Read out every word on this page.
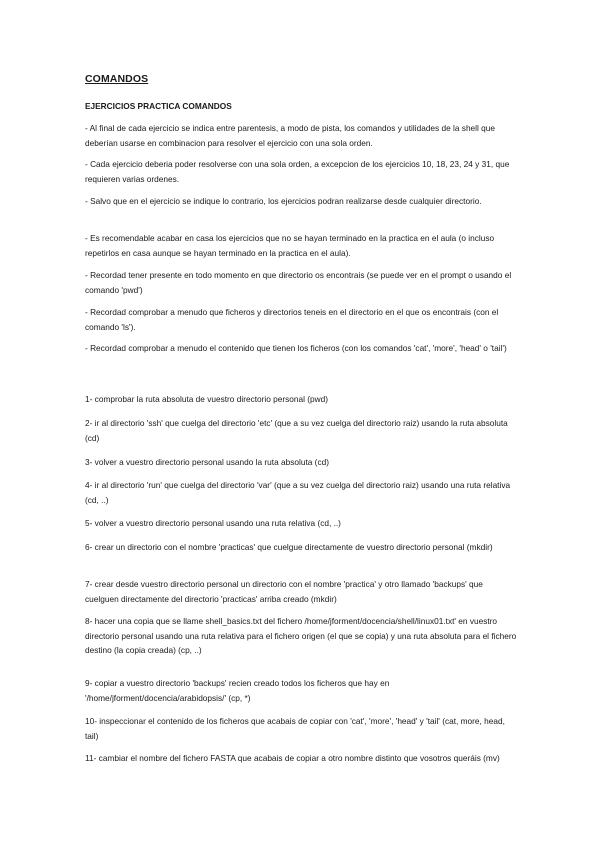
COMANDOS

EJERCICIOS PRACTICA COMANDOS

- Al final de cada ejercicio se indica entre parentesis, a modo de pista, los comandos y utilidades de la shell que deberían usarse en combinacion para resolver el ejercicio con una sola orden.

- Cada ejercicio deberia poder resolverse con una sola orden, a excepcion de los ejercicios 10, 18, 23, 24 y 31, que requieren varias ordenes.

- Salvo que en el ejercicio se indique lo contrario, los ejercicios podran realizarse desde cualquier directorio.

- Es recomendable acabar en casa los ejercicios que no se hayan terminado en la practica en el aula (o incluso repetirlos en casa aunque se hayan terminado en la practica en el aula).

- Recordad tener presente en todo momento en que directorio os encontrais (se puede ver en el prompt o usando el comando 'pwd')

- Recordad comprobar a menudo que ficheros y directorios teneis en el directorio en el que os encontrais (con el comando 'ls').

- Recordad comprobar a menudo el contenido que tienen los ficheros (con los comandos 'cat', 'more', 'head' o 'tail')

1- comprobar la ruta absoluta de vuestro directorio personal (pwd)

2- ir al directorio 'ssh' que cuelga del directorio 'etc' (que a su vez cuelga del directorio raiz) usando la ruta absoluta (cd)

3- volver a vuestro directorio personal usando la ruta absoluta (cd)

4- ir al directorio 'run' que cuelga del directorio 'var' (que a su vez cuelga del directorio raiz) usando una ruta relativa (cd, ..)

5- volver a vuestro directorio personal usando una ruta relativa (cd, ..)

6- crear un directorio con el nombre 'practicas' que cuelgue directamente de vuestro directorio personal (mkdir)

7- crear desde vuestro directorio personal un directorio con el nombre 'practica' y otro llamado 'backups' que cuelguen directamente del directorio 'practicas' arriba creado (mkdir)

8- hacer una copia que se llame shell_basics.txt del fichero /home/jforment/docencia/shell/linux01.txt' en vuestro directorio personal usando una ruta relativa para el fichero origen (el que se copia) y una ruta absoluta para el fichero destino (la copia creada) (cp, ..)

9- copiar a vuestro directorio 'backups' recien creado todos los ficheros que hay en '/home/jforment/docencia/arabidopsis/' (cp, *)

10- inspeccionar el contenido de los ficheros que acabais de copiar con 'cat', 'more', 'head' y 'tail' (cat, more, head, tail)

11- cambiar el nombre del fichero FASTA que acabais de copiar a otro nombre distinto que vosotros queráis (mv)
